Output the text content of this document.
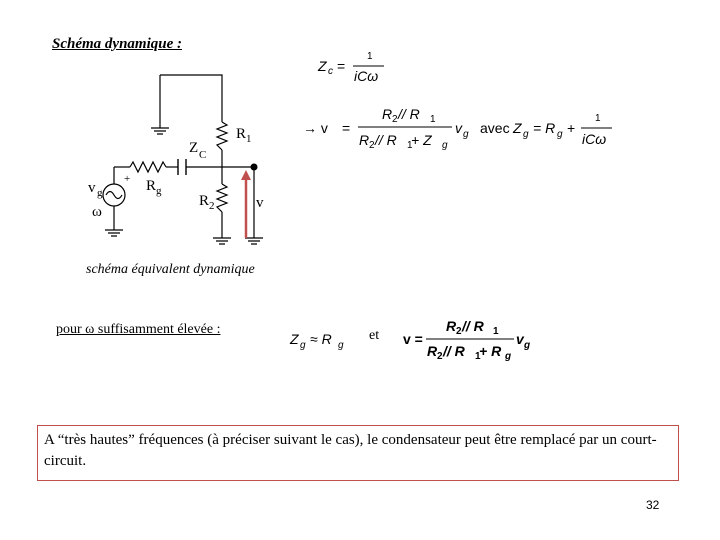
Schéma dynamique :
v g
ω
+ R g
Z C
R 1
R 2	v
Z c =
1
iCω
→ v =
R 2 // R 1
R 2 // R 1
+ Z g
v g avec Z g = R g +
1
iCω
Z g ≈ R g	v =
R 2 // R 1
R 2 // R 1
+ R g
v g
schéma équivalent dynamique
pour ω suffisamment élevée :	et
A “très hautes” fréquences (à préciser suivant le cas), le condensateur peut être remplacé par un court-circuit.
32
